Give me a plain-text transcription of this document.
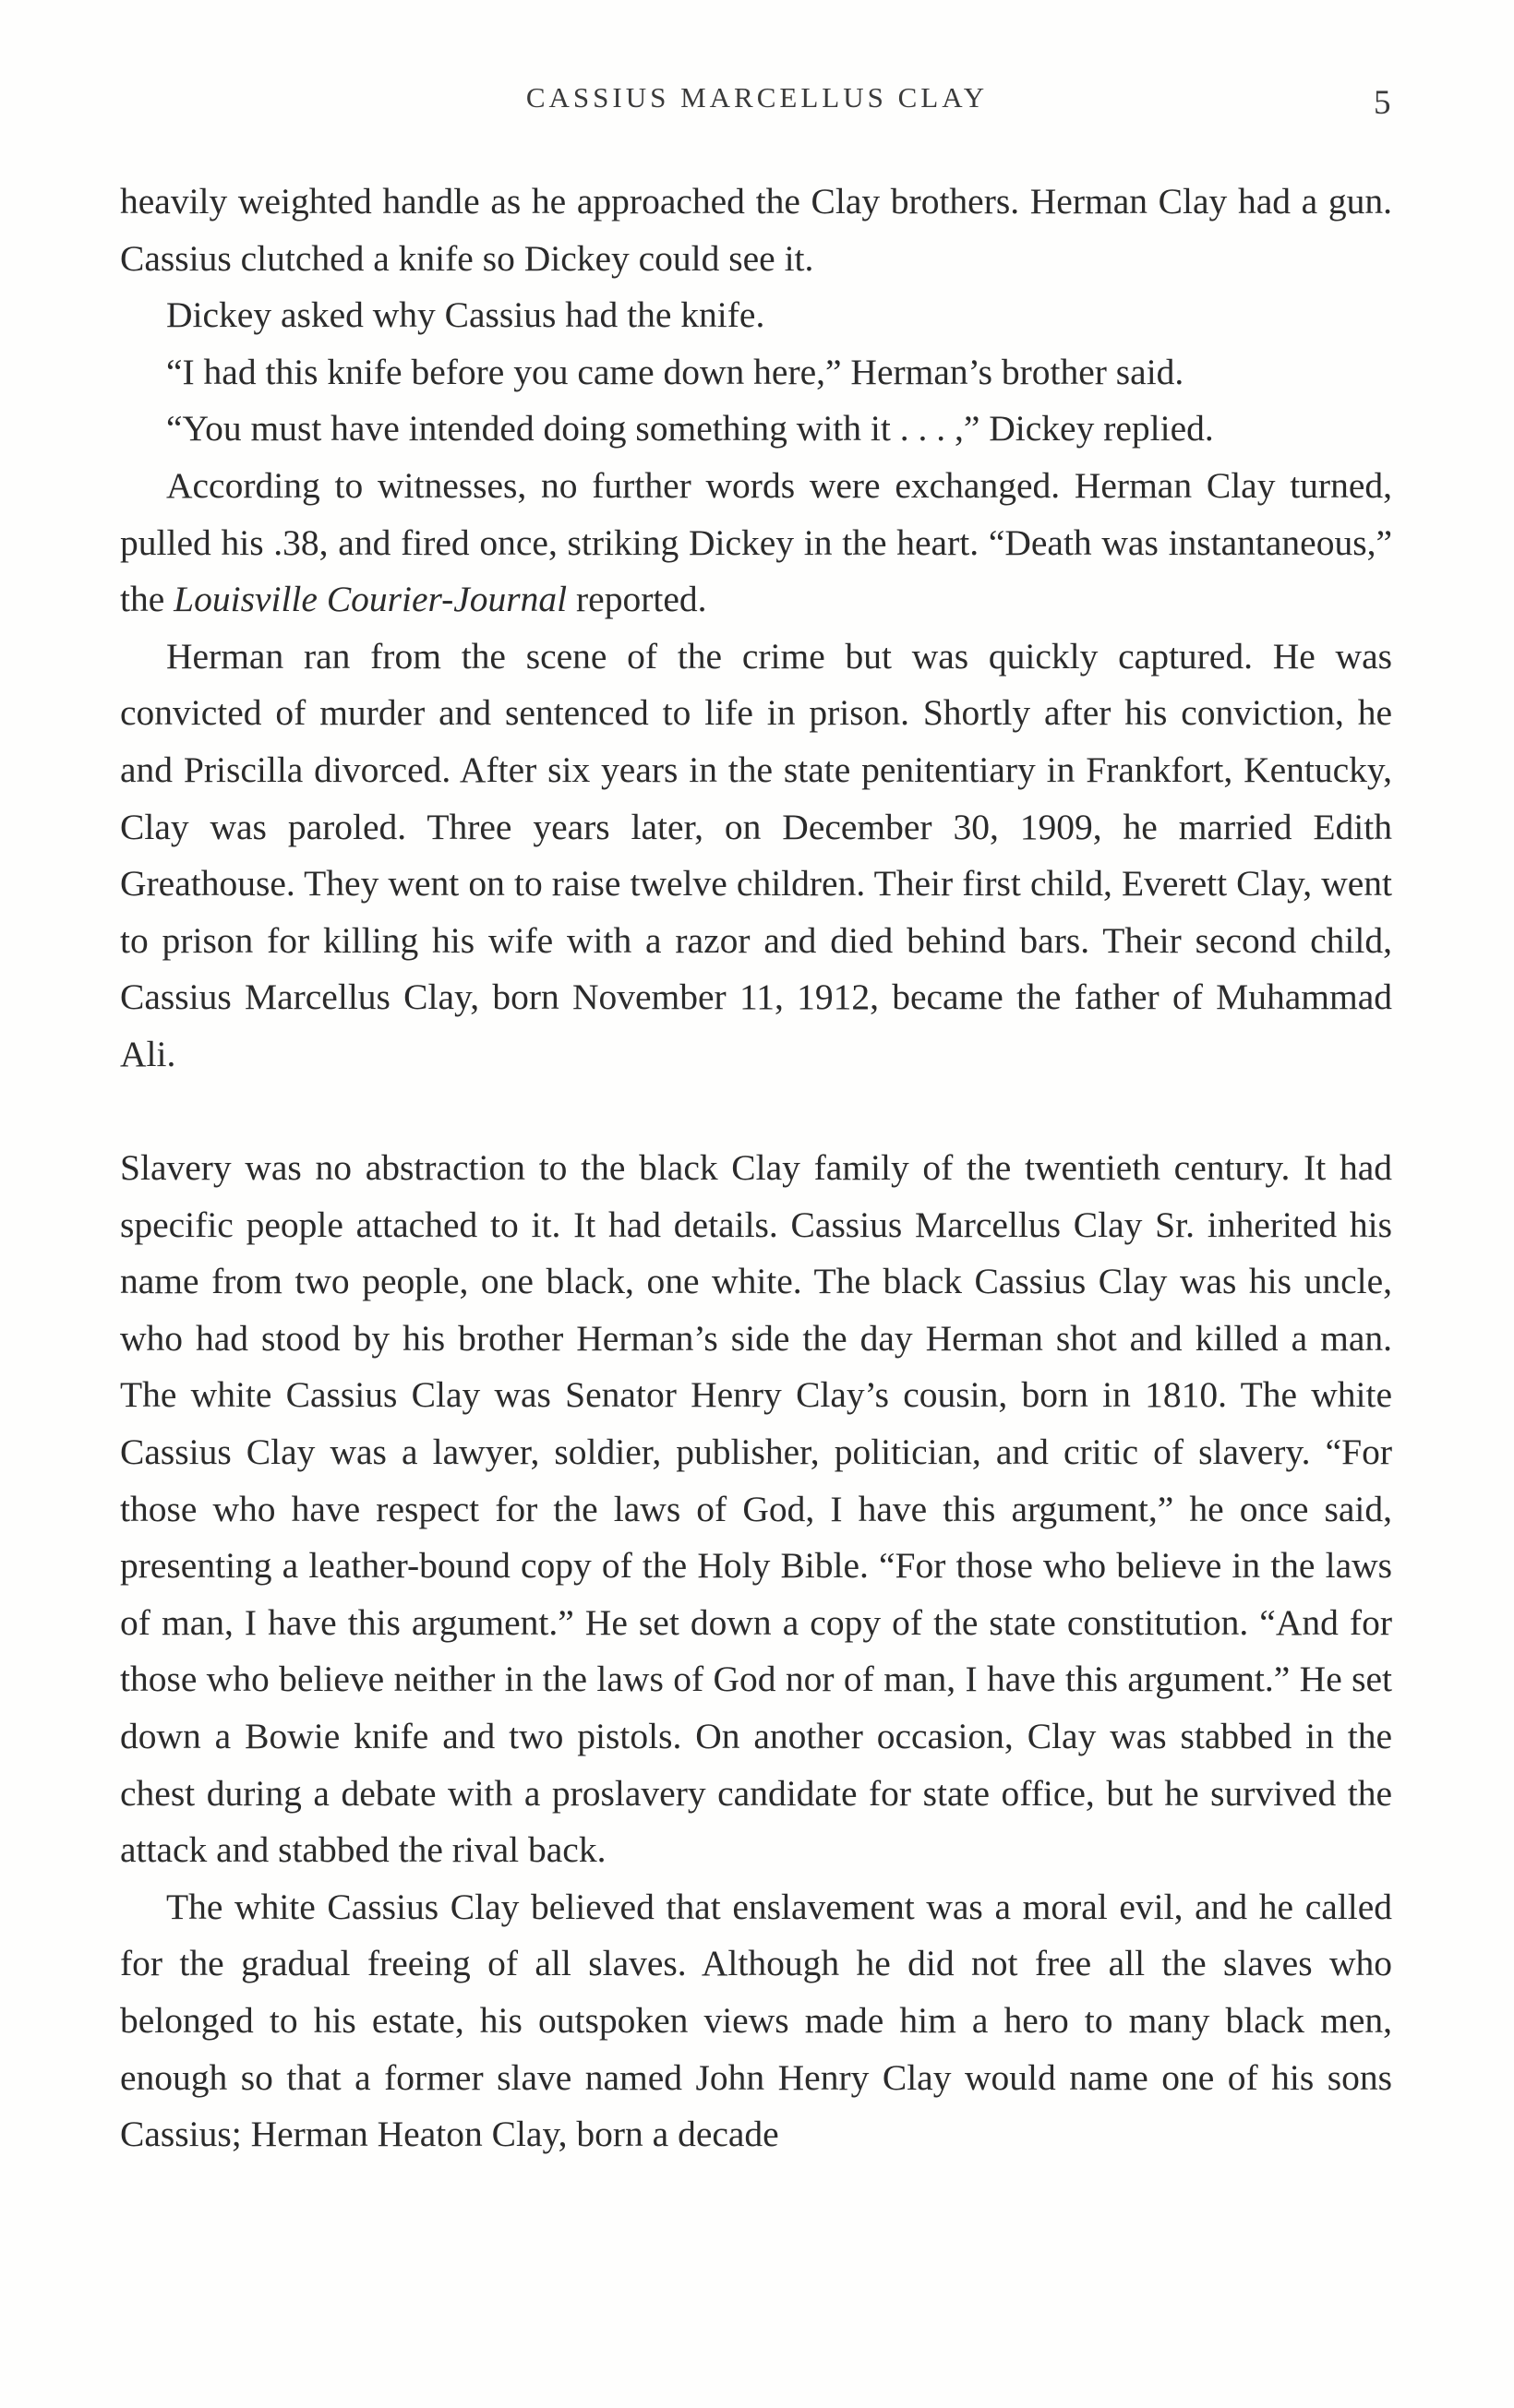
CASSIUS MARCELLUS CLAY	5

heavily weighted handle as he approached the Clay brothers. Herman Clay had a gun. Cassius clutched a knife so Dickey could see it.

Dickey asked why Cassius had the knife.

“I had this knife before you came down here,” Herman’s brother said.

“You must have intended doing something with it . . . ,” Dickey replied.

According to witnesses, no further words were exchanged. Herman Clay turned, pulled his .38, and fired once, striking Dickey in the heart. “Death was instantaneous,” the Louisville Courier-Journal reported.

Herman ran from the scene of the crime but was quickly captured. He was convicted of murder and sentenced to life in prison. Shortly after his conviction, he and Priscilla divorced. After six years in the state penitentiary in Frankfort, Kentucky, Clay was paroled. Three years later, on December 30, 1909, he married Edith Greathouse. They went on to raise twelve children. Their first child, Everett Clay, went to prison for killing his wife with a razor and died behind bars. Their second child, Cassius Marcellus Clay, born November 11, 1912, became the father of Muhammad Ali.

Slavery was no abstraction to the black Clay family of the twentieth century. It had specific people attached to it. It had details. Cassius Marcellus Clay Sr. inherited his name from two people, one black, one white. The black Cassius Clay was his uncle, who had stood by his brother Herman’s side the day Herman shot and killed a man. The white Cassius Clay was Senator Henry Clay’s cousin, born in 1810. The white Cassius Clay was a lawyer, soldier, publisher, politician, and critic of slavery. “For those who have respect for the laws of God, I have this argument,” he once said, presenting a leather-bound copy of the Holy Bible. “For those who believe in the laws of man, I have this argument.” He set down a copy of the state constitution. “And for those who believe neither in the laws of God nor of man, I have this argument.” He set down a Bowie knife and two pistols. On another occasion, Clay was stabbed in the chest during a debate with a proslavery candidate for state office, but he survived the attack and stabbed the rival back.

The white Cassius Clay believed that enslavement was a moral evil, and he called for the gradual freeing of all slaves. Although he did not free all the slaves who belonged to his estate, his outspoken views made him a hero to many black men, enough so that a former slave named John Henry Clay would name one of his sons Cassius; Herman Heaton Clay, born a decade
